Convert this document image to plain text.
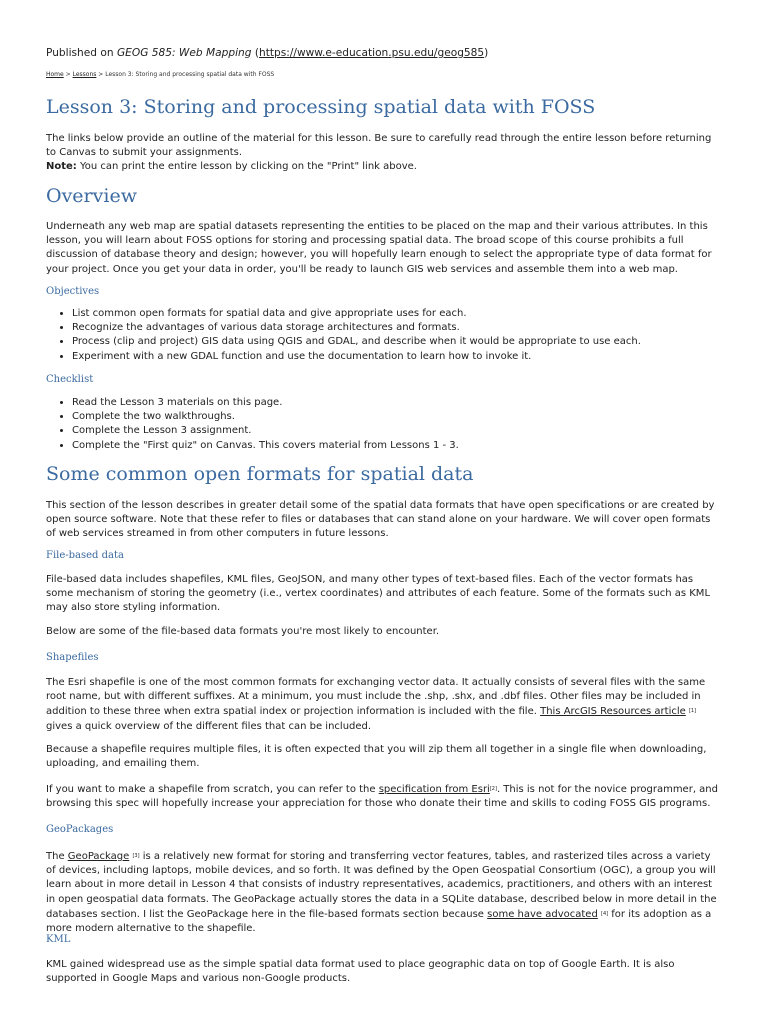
Published on GEOG 585: Web Mapping (https://www.e-education.psu.edu/geog585)
Home > Lessons > Lesson 3: Storing and processing spatial data with FOSS
Lesson 3: Storing and processing spatial data with FOSS

The links below provide an outline of the material for this lesson. Be sure to carefully read through the entire lesson before returning to Canvas to submit your assignments.
Note: You can print the entire lesson by clicking on the "Print" link above.

Overview

Underneath any web map are spatial datasets representing the entities to be placed on the map and their various attributes. In this lesson, you will learn about FOSS options for storing and processing spatial data. The broad scope of this course prohibits a full discussion of database theory and design; however, you will hopefully learn enough to select the appropriate type of data format for your project. Once you get your data in order, you'll be ready to launch GIS web services and assemble them into a web map.

Objectives
• List common open formats for spatial data and give appropriate uses for each.
• Recognize the advantages of various data storage architectures and formats.
• Process (clip and project) GIS data using QGIS and GDAL, and describe when it would be appropriate to use each.
• Experiment with a new GDAL function and use the documentation to learn how to invoke it.
Checklist
• Read the Lesson 3 materials on this page.
• Complete the two walkthroughs.
• Complete the Lesson 3 assignment.
• Complete the "First quiz" on Canvas. This covers material from Lessons 1 - 3.
Some common open formats for spatial data

This section of the lesson describes in greater detail some of the spatial data formats that have open specifications or are created by open source software. Note that these refer to files or databases that can stand alone on your hardware. We will cover open formats of web services streamed in from other computers in future lessons.

File-based data

File-based data includes shapefiles, KML files, GeoJSON, and many other types of text-based files. Each of the vector formats has some mechanism of storing the geometry (i.e., vertex coordinates) and attributes of each feature. Some of the formats such as KML may also store styling information.

Below are some of the file-based data formats you're most likely to encounter.

Shapefiles

The Esri shapefile is one of the most common formats for exchanging vector data. It actually consists of several files with the same root name, but with different suffixes. At a minimum, you must include the .shp, .shx, and .dbf files. Other files may be included in addition to these three when extra spatial index or projection information is included with the file. This ArcGIS Resources article [1] gives a quick overview of the different files that can be included.

Because a shapefile requires multiple files, it is often expected that you will zip them all together in a single file when downloading, uploading, and emailing them.

If you want to make a shapefile from scratch, you can refer to the specification from Esri[2]. This is not for the novice programmer, and browsing this spec will hopefully increase your appreciation for those who donate their time and skills to coding FOSS GIS programs.

GeoPackages

The GeoPackage [3] is a relatively new format for storing and transferring vector features, tables, and rasterized tiles across a variety of devices, including laptops, mobile devices, and so forth. It was defined by the Open Geospatial Consortium (OGC), a group you will learn about in more detail in Lesson 4 that consists of industry representatives, academics, practitioners, and others with an interest in open geospatial data formats. The GeoPackage actually stores the data in a SQLite database, described below in more detail in the databases section. I list the GeoPackage here in the file-based formats section because some have advocated [4] for its adoption as a more modern alternative to the shapefile.

KML

KML gained widespread use as the simple spatial data format used to place geographic data on top of Google Earth. It is also supported in Google Maps and various non-Google products.
